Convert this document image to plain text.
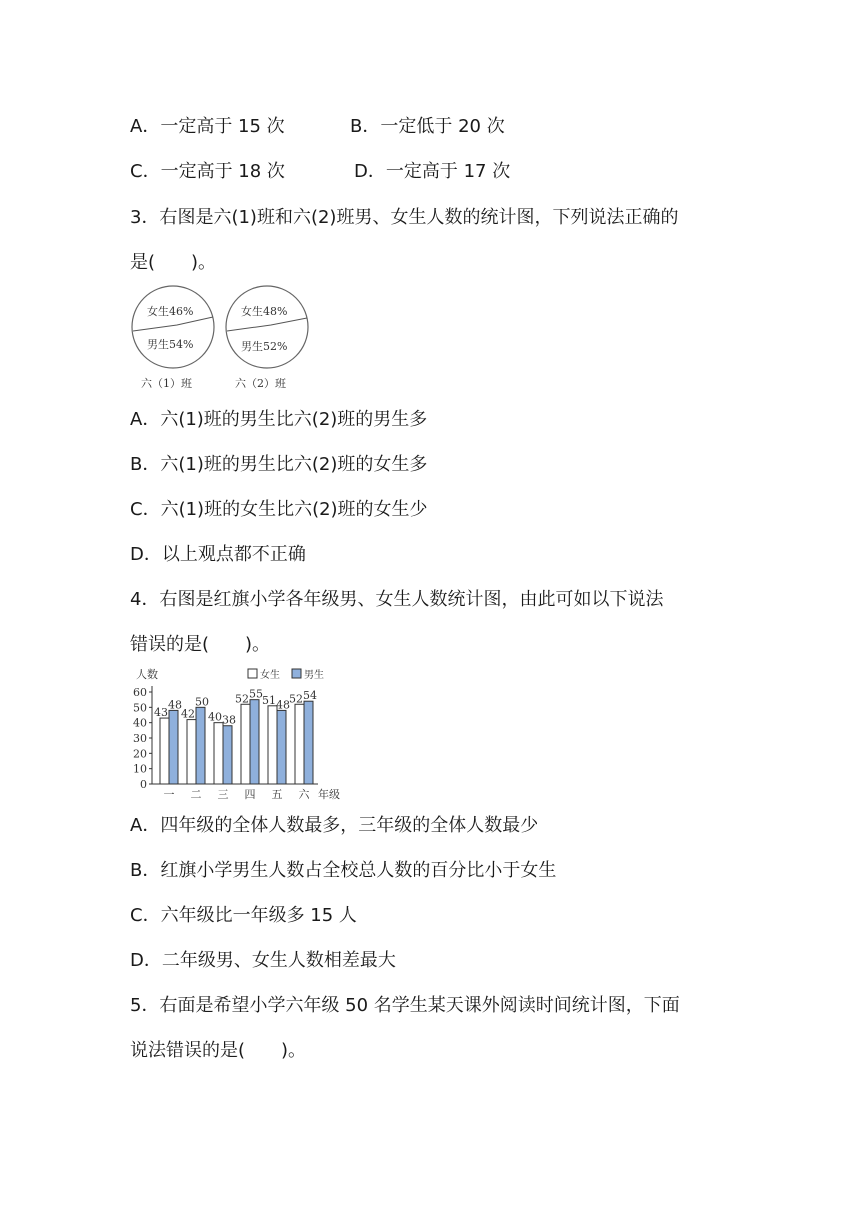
A．一定高于 15 次	B．一定低于 20 次
C．一定高于 18 次	D．一定高于 17 次
3．右图是六(1)班和六(2)班男、女生人数的统计图，下列说法正确的
是(　　)。
女生46%
男生54%
六（1）班
女生48%
男生52%
六（2）班
A．六(1)班的男生比六(2)班的男生多
B．六(1)班的男生比六(2)班的女生多
C．六(1)班的女生比六(2)班的女生少
D．以上观点都不正确
4．右图是红旗小学各年级男、女生人数统计图，由此可如以下说法
错误的是(　　)。
人数	女生 男生
0
10
20
30
40
50
60
43
48
一
42
50
二
40 38
三
52 55
四
51 48
五
52 54
六 年级
A．四年级的全体人数最多，三年级的全体人数最少
B．红旗小学男生人数占全校总人数的百分比小于女生
C．六年级比一年级多 15 人
D．二年级男、女生人数相差最大
5．右面是希望小学六年级 50 名学生某天课外阅读时间统计图，下面
说法错误的是(　　)。
